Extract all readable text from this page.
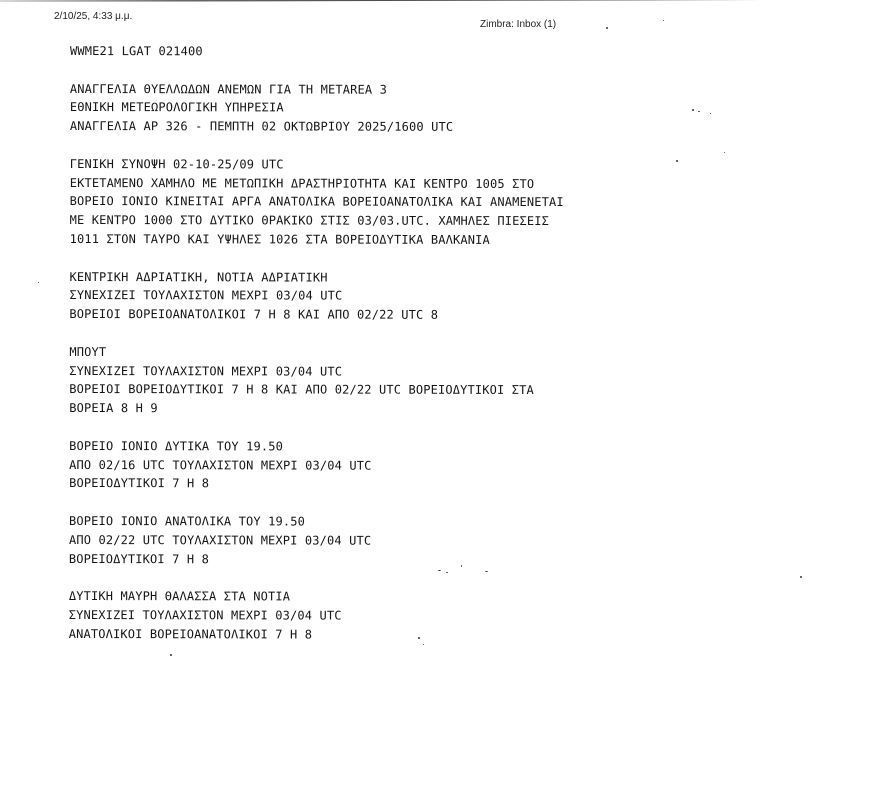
2/10/25, 4:33 μ.μ.
Zimbra: Inbox (1)
WWME21 LGAT 021400
ΑΝΑΓΓΕΛΙΑ ΘΥΕΛΛΩΔΩΝ ΑΝΕΜΩΝ ΓΙΑ ΤΗ METAREA 3
ΕΘΝΙΚΗ ΜΕΤΕΩΡΟΛΟΓΙΚΗ ΥΠΗΡΕΣΙΑ
ΑΝΑΓΓΕΛΙΑ ΑΡ 326 - ΠΕΜΠΤΗ 02 ΟΚΤΩΒΡΙΟΥ 2025/1600 UTC
ΓΕΝΙΚΗ ΣΥΝΟΨΗ 02-10-25/09 UTC
ΕΚΤΕΤΑΜΕΝΟ ΧΑΜΗΛΟ ΜΕ ΜΕΤΩΠΙΚΗ ΔΡΑΣΤΗΡΙΟΤΗΤΑ ΚΑΙ ΚΕΝΤΡΟ 1005 ΣΤΟ
ΒΟΡΕΙΟ ΙΟΝΙΟ ΚΙΝΕΙΤΑΙ ΑΡΓΑ ΑΝΑΤΟΛΙΚΑ ΒΟΡΕΙΟΑΝΑΤΟΛΙΚΑ ΚΑΙ ΑΝΑΜΕΝΕΤΑΙ
ΜΕ ΚΕΝΤΡΟ 1000 ΣΤΟ ΔΥΤΙΚΟ ΘΡΑΚΙΚΟ ΣΤΙΣ 03/03.UTC. ΧΑΜΗΛΕΣ ΠΙΕΣΕΙΣ
1011 ΣΤΟΝ ΤΑΥΡΟ ΚΑΙ ΥΨΗΛΕΣ 1026 ΣΤΑ ΒΟΡΕΙΟΔΥΤΙΚΑ ΒΑΛΚΑΝΙΑ
ΚΕΝΤΡΙΚΗ ΑΔΡΙΑΤΙΚΗ, ΝΟΤΙΑ ΑΔΡΙΑΤΙΚΗ
ΣΥΝΕΧΙΖΕΙ ΤΟΥΛΑΧΙΣΤΟΝ ΜΕΧΡΙ 03/04 UTC
ΒΟΡΕΙΟΙ ΒΟΡΕΙΟΑΝΑΤΟΛΙΚΟΙ 7 Η 8 ΚΑΙ ΑΠΟ 02/22 UTC 8
ΜΠΟΥΤ
ΣΥΝΕΧΙΖΕΙ ΤΟΥΛΑΧΙΣΤΟΝ ΜΕΧΡΙ 03/04 UTC
ΒΟΡΕΙΟΙ ΒΟΡΕΙΟΔΥΤΙΚΟΙ 7 Η 8 ΚΑΙ ΑΠΟ 02/22 UTC ΒΟΡΕΙΟΔΥΤΙΚΟΙ ΣΤΑ
ΒΟΡΕΙΑ 8 Η 9
ΒΟΡΕΙΟ ΙΟΝΙΟ ΔΥΤΙΚΑ ΤΟΥ 19.50
ΑΠΟ 02/16 UTC ΤΟΥΛΑΧΙΣΤΟΝ ΜΕΧΡΙ 03/04 UTC
ΒΟΡΕΙΟΔΥΤΙΚΟΙ 7 Η 8
ΒΟΡΕΙΟ ΙΟΝΙΟ ΑΝΑΤΟΛΙΚΑ ΤΟΥ 19.50
ΑΠΟ 02/22 UTC ΤΟΥΛΑΧΙΣΤΟΝ ΜΕΧΡΙ 03/04 UTC
ΒΟΡΕΙΟΔΥΤΙΚΟΙ 7 Η 8
ΔΥΤΙΚΗ ΜΑΥΡΗ ΘΑΛΑΣΣΑ ΣΤΑ ΝΟΤΙΑ
ΣΥΝΕΧΙΖΕΙ ΤΟΥΛΑΧΙΣΤΟΝ ΜΕΧΡΙ 03/04 UTC
ΑΝΑΤΟΛΙΚΟΙ ΒΟΡΕΙΟΑΝΑΤΟΛΙΚΟΙ 7 Η 8
